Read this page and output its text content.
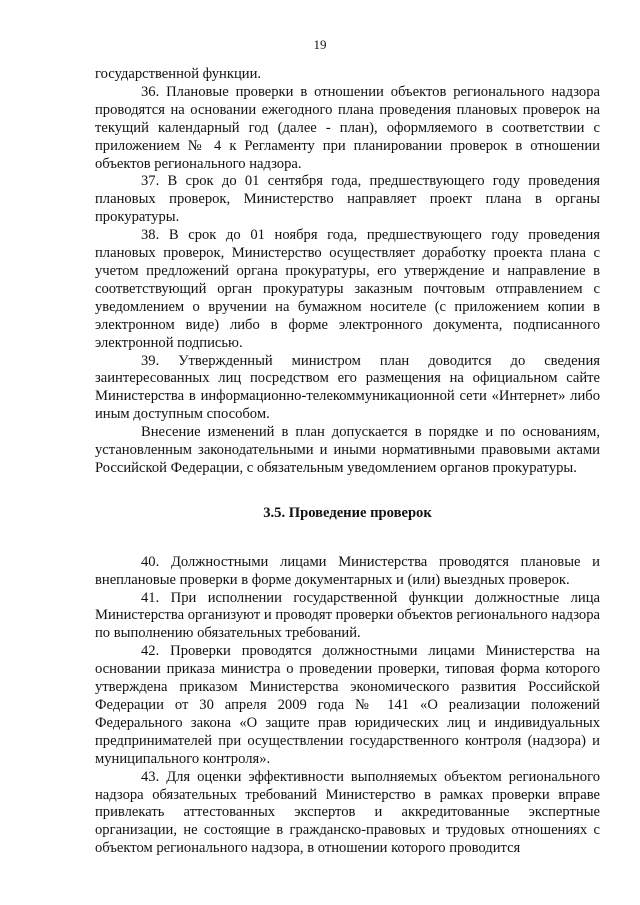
19

государственной функции.

36. Плановые проверки в отношении объектов регионального надзора проводятся на основании ежегодного плана проведения плановых проверок на текущий календарный год (далее - план), оформляемого в соответствии с приложением № 4 к Регламенту при планировании проверок в отношении объектов регионального надзора.

37. В срок до 01 сентября года, предшествующего году проведения плановых проверок, Министерство направляет проект плана в органы прокуратуры.

38. В срок до 01 ноября года, предшествующего году проведения плановых проверок, Министерство осуществляет доработку проекта плана с учетом предложений органа прокуратуры, его утверждение и направление в соответствующий орган прокуратуры заказным почтовым отправлением с уведомлением о вручении на бумажном носителе (с приложением копии в электронном виде) либо в форме электронного документа, подписанного электронной подписью.

39. Утвержденный министром план доводится до сведения заинтересованных лиц посредством его размещения на официальном сайте Министерства в информационно-телекоммуникационной сети «Интернет» либо иным доступным способом.

Внесение изменений в план допускается в порядке и по основаниям, установленным законодательными и иными нормативными правовыми актами Российской Федерации, с обязательным уведомлением органов прокуратуры.

3.5. Проведение проверок

40. Должностными лицами Министерства проводятся плановые и внеплановые проверки в форме документарных и (или) выездных проверок.

41. При исполнении государственной функции должностные лица Министерства организуют и проводят проверки объектов регионального надзора по выполнению обязательных требований.

42. Проверки проводятся должностными лицами Министерства на основании приказа министра о проведении проверки, типовая форма которого утверждена приказом Министерства экономического развития Российской Федерации от 30 апреля 2009 года № 141 «О реализации положений Федерального закона «О защите прав юридических лиц и индивидуальных предпринимателей при осуществлении государственного контроля (надзора) и муниципального контроля».

43. Для оценки эффективности выполняемых объектом регионального надзора обязательных требований Министерство в рамках проверки вправе привлекать аттестованных экспертов и аккредитованные экспертные организации, не состоящие в гражданско-правовых и трудовых отношениях с объектом регионального надзора, в отношении которого проводится
